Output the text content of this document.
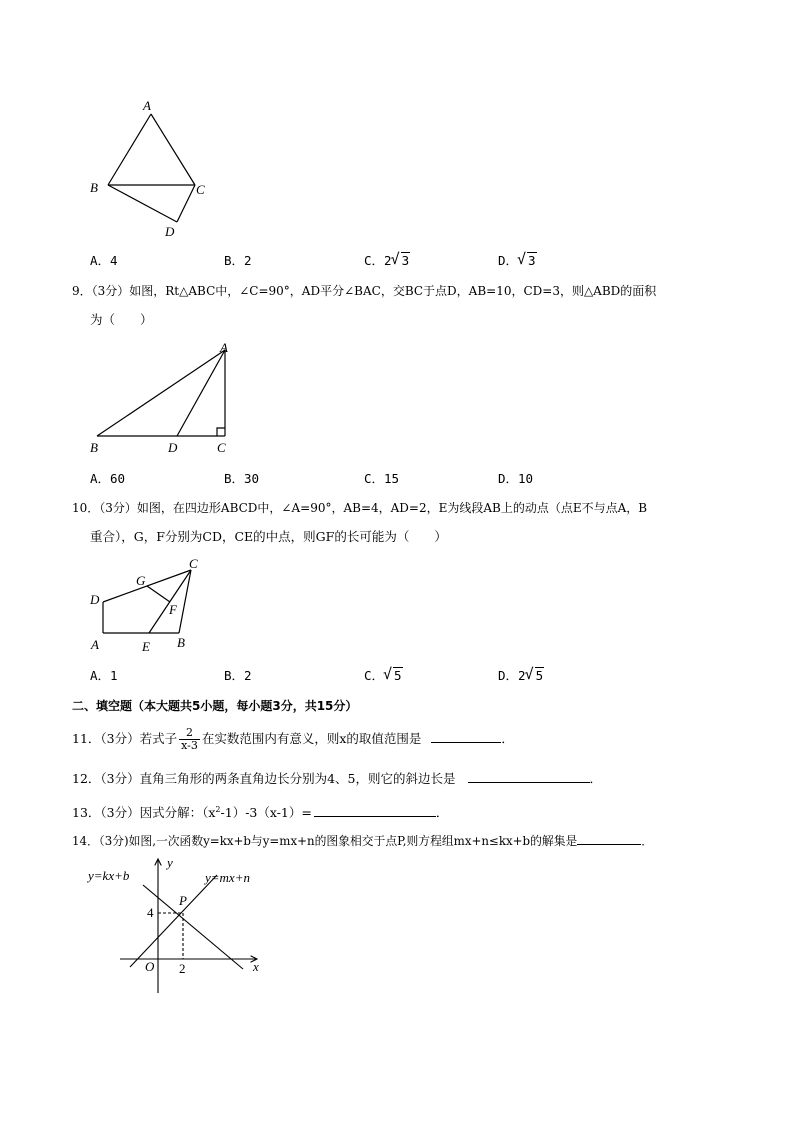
A
B	C
D
A．4	B．2	C．2 √ 3	D． √ 3
9．（3分）如图，Rt△ABC中，∠C=90°，AD平分∠BAC，交BC于点D，AB=10，CD=3，则△ABD的面积
为（　　）
A
B	D	C
A．60	B．30	C．15	D．10
10．（3分）如图，在四边形ABCD中，∠A=90°，AB=4，AD=2，E为线段AB上的动点（点E不与点A，B
重合），G，F分别为CD，CE的中点，则GF的长可能为（　　）
C
G
D
F
A	E B
A．1	B．2	C． √ 5	D．2 √ 5
二、填空题（本大题共5小题，每小题3分，共15分）
11．（3分）若式子 $\frac{2}{x-3}$ 在实数范围内有意义，则x的取值范围是	．
12．（3分）直角三角形的两条直角边长分别为4、5，则它的斜边长是	．
13．（3分）因式分解：$(x^2-1)-3(x-1)=$	．
14．（3分)如图,一次函数y=kx+b与y=mx+n的图象相交于点P,则方程组mx+n≤kx+b的解集是	．
y=kx+b	y=mx+n
y
x
O
P
4
2
